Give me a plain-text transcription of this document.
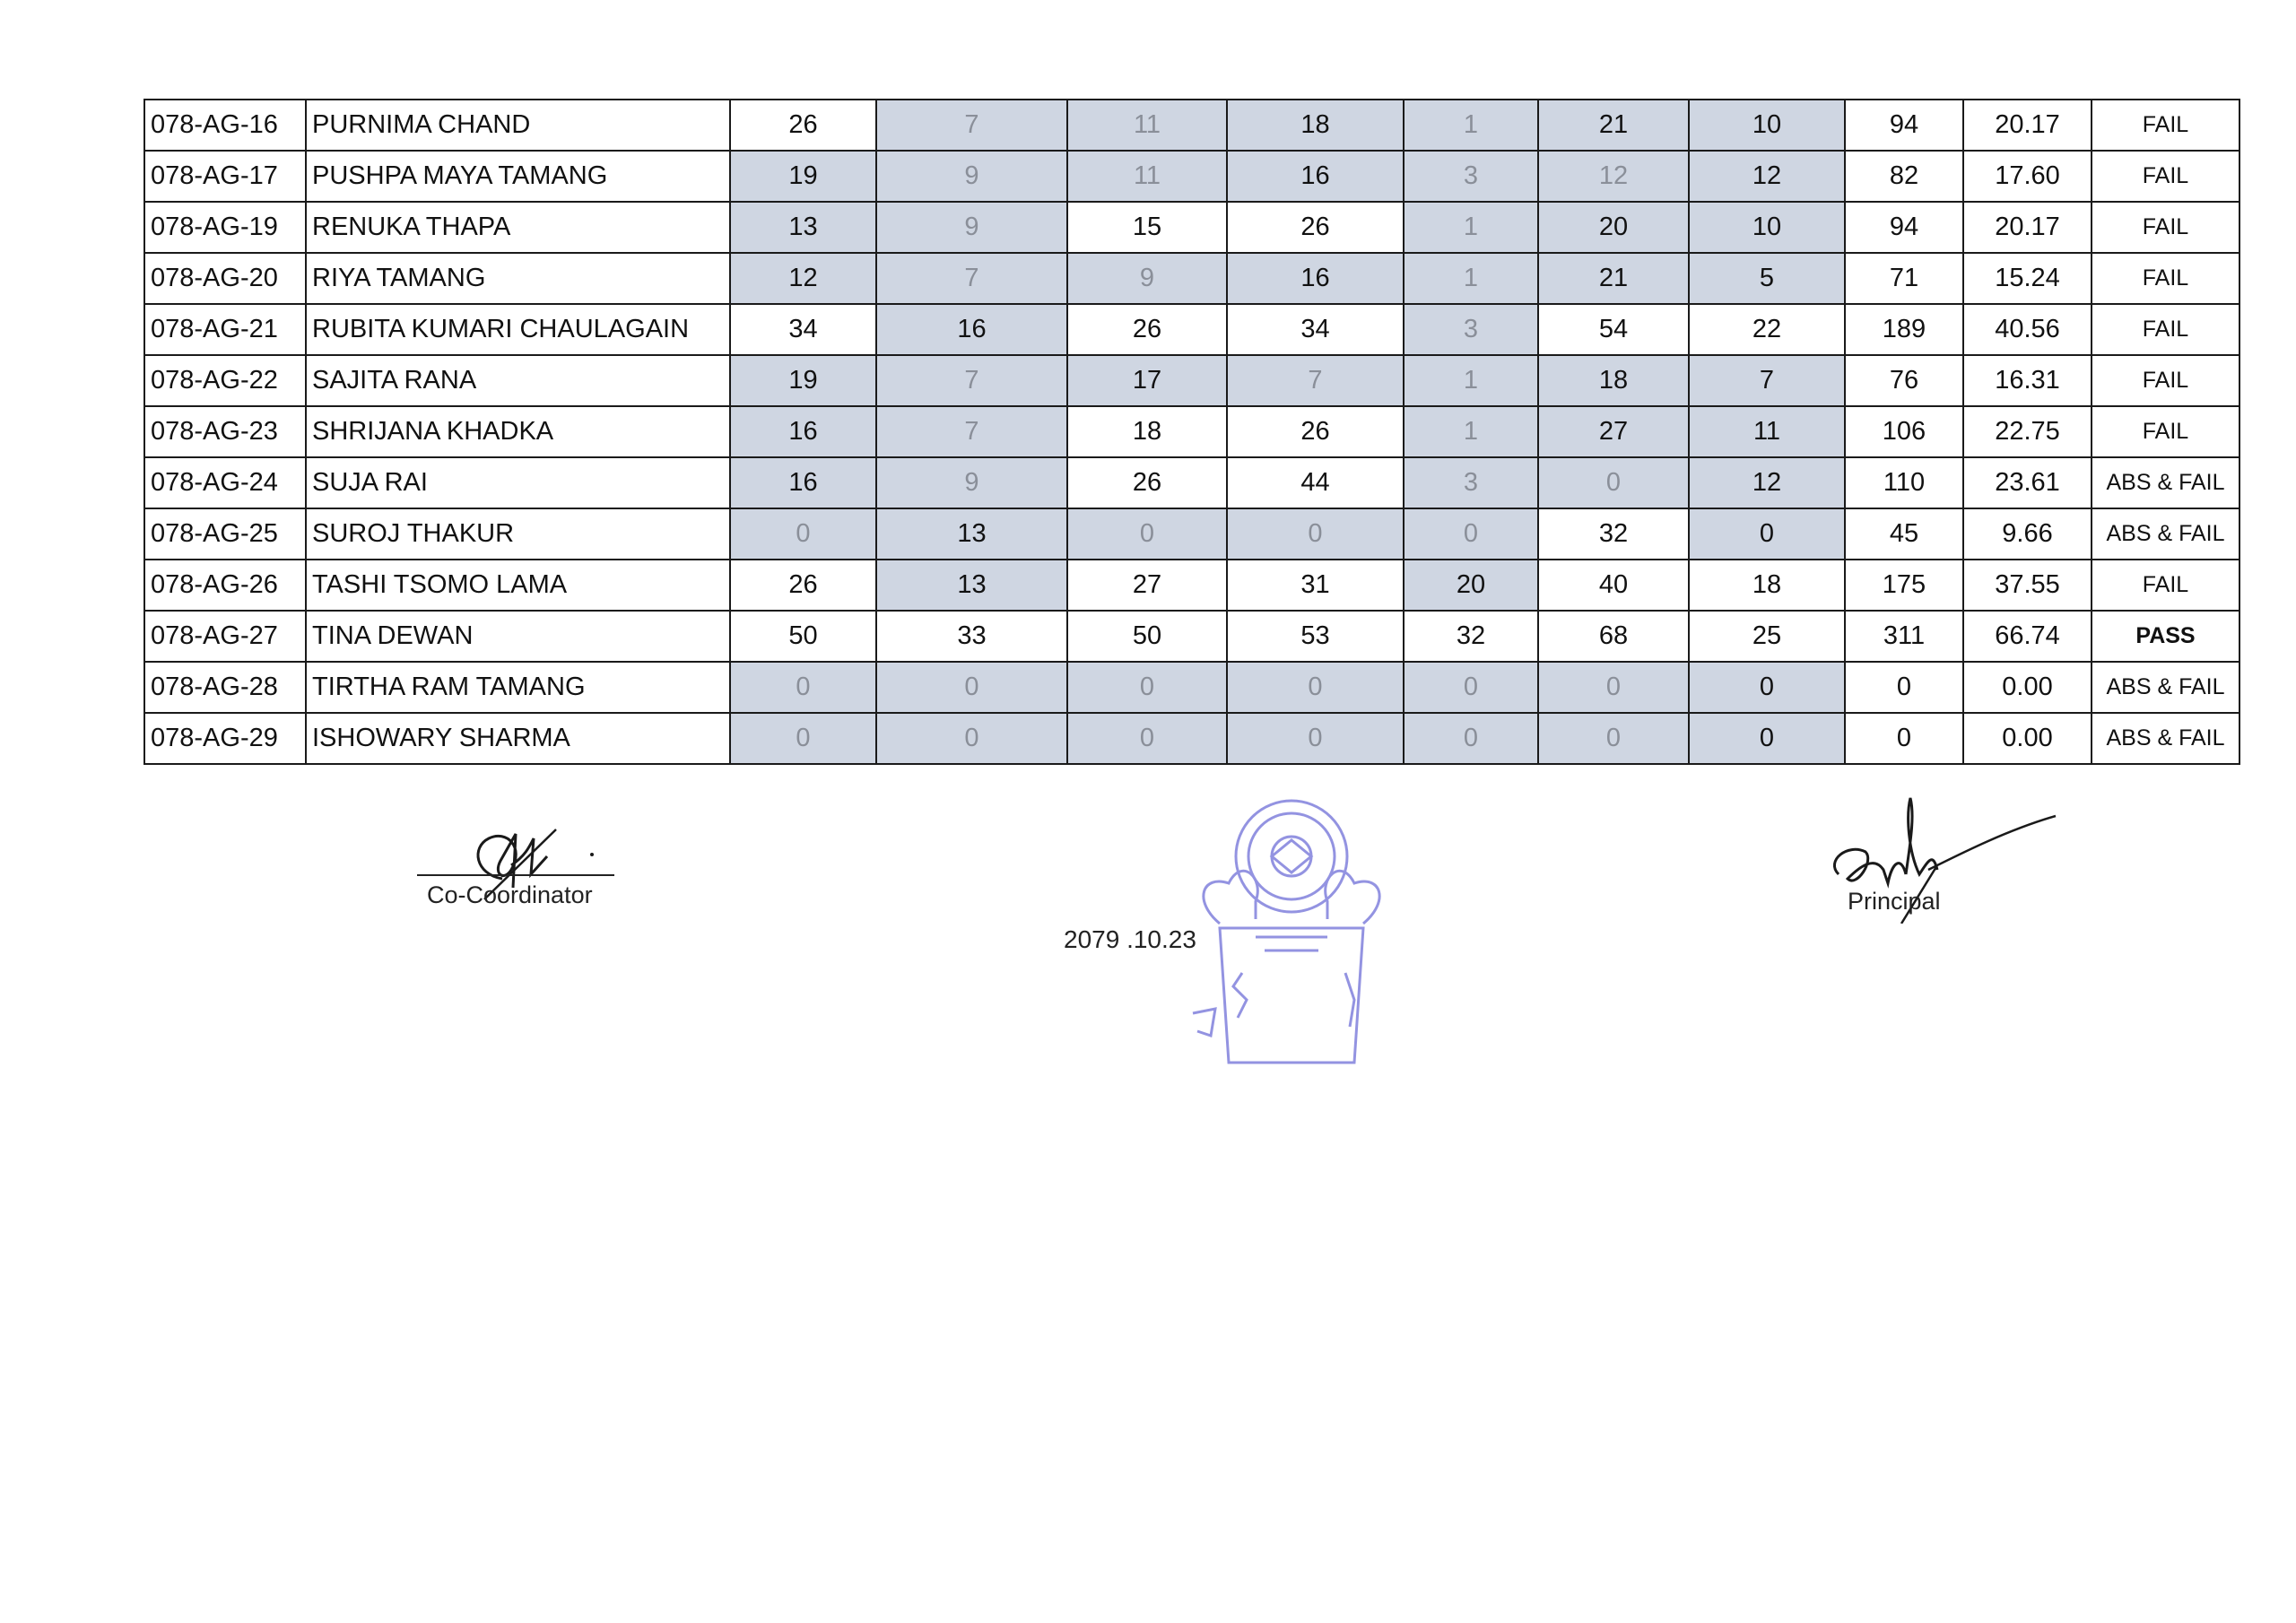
078-AG-16	PURNIMA CHAND	26	7	11	18	1	21	10	94	20.17	FAIL
078-AG-17	PUSHPA MAYA TAMANG	19	9	11	16	3	12	12	82	17.60	FAIL
078-AG-19	RENUKA THAPA	13	9	15	26	1	20	10	94	20.17	FAIL
078-AG-20	RIYA TAMANG	12	7	9	16	1	21	5	71	15.24	FAIL
078-AG-21	RUBITA KUMARI CHAULAGAIN	34	16	26	34	3	54	22	189	40.56	FAIL
078-AG-22	SAJITA RANA	19	7	17	7	1	18	7	76	16.31	FAIL
078-AG-23	SHRIJANA KHADKA	16	7	18	26	1	27	11	106	22.75	FAIL
078-AG-24	SUJA RAI	16	9	26	44	3	0	12	110	23.61	ABS & FAIL
078-AG-25	SUROJ THAKUR	0	13	0	0	0	32	0	45	9.66	ABS & FAIL
078-AG-26	TASHI TSOMO LAMA	26	13	27	31	20	40	18	175	37.55	FAIL
078-AG-27	TINA DEWAN	50	33	50	53	32	68	25	311	66.74	PASS
078-AG-28	TIRTHA RAM TAMANG	0	0	0	0	0	0	0	0	0.00	ABS & FAIL
078-AG-29	ISHOWARY SHARMA	0	0	0	0	0	0	0	0	0.00	ABS & FAIL
Co-Coordinator
2079 .10.23
Principal
